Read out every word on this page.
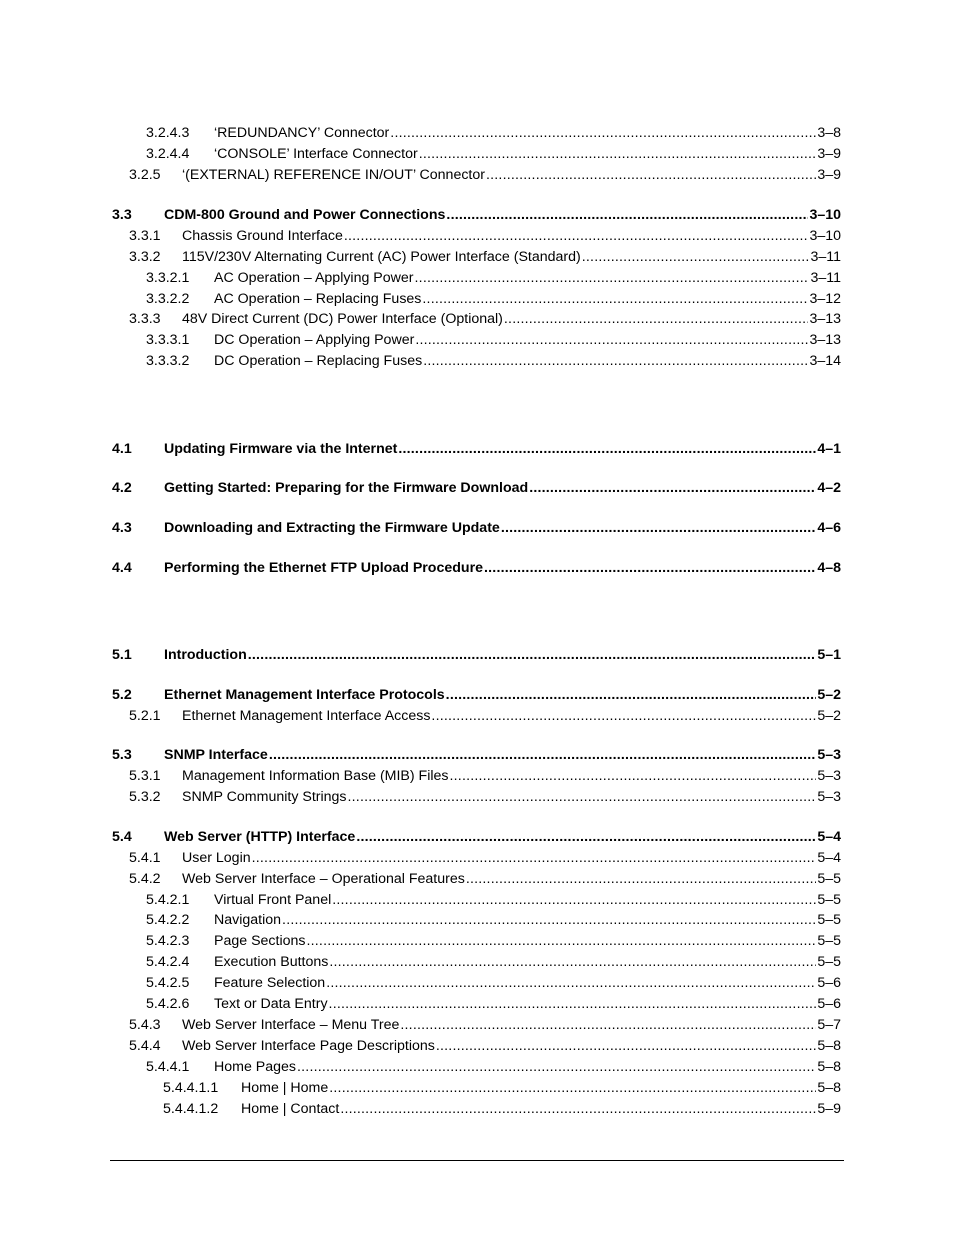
3.2.4.3	‘REDUNDANCY’ Connector .....	3–8
3.2.4.4	‘CONSOLE’ Interface Connector .....	3–9
3.2.5	‘(EXTERNAL) REFERENCE IN/OUT’ Connector .....	3–9
3.3	CDM-800 Ground and Power Connections .....	3–10
3.3.1	Chassis Ground Interface .....	3–10
3.3.2	115V/230V Alternating Current (AC) Power Interface (Standard) .....	3–11
3.3.2.1	AC Operation – Applying Power .....	3–11
3.3.2.2	AC Operation – Replacing Fuses .....	3–12
3.3.3	48V Direct Current (DC) Power Interface (Optional) .....	3–13
3.3.3.1	DC Operation – Applying Power .....	3–13
3.3.3.2	DC Operation – Replacing Fuses .....	3–14
4.1	Updating Firmware via the Internet .....	4–1
4.2	Getting Started: Preparing for the Firmware Download .....	4–2
4.3	Downloading and Extracting the Firmware Update .....	4–6
4.4	Performing the Ethernet FTP Upload Procedure .....	4–8
5.1	Introduction .....	5–1
5.2	Ethernet Management Interface Protocols .....	5–2
5.2.1	Ethernet Management Interface Access .....	5–2
5.3	SNMP Interface .....	5–3
5.3.1	Management Information Base (MIB) Files .....	5–3
5.3.2	SNMP Community Strings .....	5–3
5.4	Web Server (HTTP) Interface .....	5–4
5.4.1	User Login .....	5–4
5.4.2	Web Server Interface – Operational Features .....	5–5
5.4.2.1	Virtual Front Panel .....	5–5
5.4.2.2	Navigation .....	5–5
5.4.2.3	Page Sections .....	5–5
5.4.2.4	Execution Buttons .....	5–5
5.4.2.5	Feature Selection .....	5–6
5.4.2.6	Text or Data Entry .....	5–6
5.4.3	Web Server Interface – Menu Tree .....	5–7
5.4.4	Web Server Interface Page Descriptions .....	5–8
5.4.4.1	Home Pages .....	5–8
5.4.4.1.1	Home | Home .....	5–8
5.4.4.1.2	Home | Contact .....	5–9
